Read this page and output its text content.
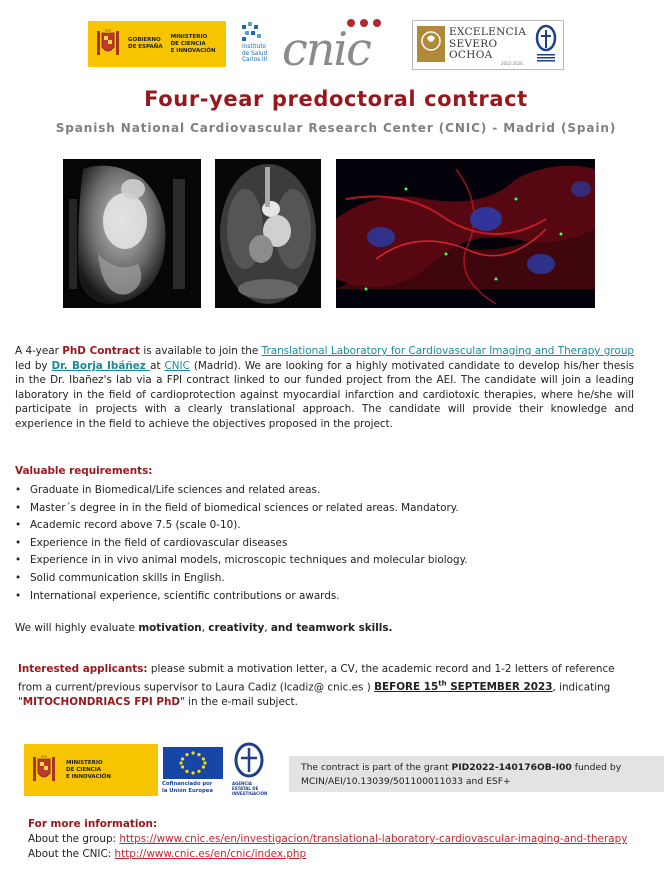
GOBIERNO
DE ESPAÑA
MINISTERIO
DE CIENCIA
E INNOVACIÓN
Instituto
de Salud
Carlos III cnic	EXCELENCIA
SEVERO
OCHOA
2022-2026
Four-year predoctoral contract
Spanish National Cardiovascular Research Center (CNIC) - Madrid (Spain)
A 4-year PhD Contract is available to join the Translational Laboratory for Cardiovascular Imaging and Therapy group led by Dr. Borja Ibáñez at CNIC (Madrid). We are looking for a highly motivated candidate to develop his/her thesis in the Dr. Ibañez's lab via a FPI contract linked to our funded project from the AEI. The candidate will join a leading laboratory in the field of cardioprotection against myocardial infarction and cardiotoxic therapies, where he/she will participate in projects with a clearly translational approach. The candidate will provide their knowledge and experience in the field to achieve the objectives proposed in the project.
Valuable requirements:
• Graduate in Biomedical/Life sciences and related areas.
• Master´s degree in in the field of biomedical sciences or related areas. Mandatory.
• Academic record above 7.5 (scale 0-10).
• Experience in the field of cardiovascular diseases
• Experience in in vivo animal models, microscopic techniques and molecular biology.
• Solid communication skills in English.
• International experience, scientific contributions or awards.
We will highly evaluate motivation, creativity, and teamwork skills.
Interested applicants: please submit a motivation letter, a CV, the academic record and 1-2 letters of reference from a current/previous supervisor to Laura Cadiz (lcadiz@ cnic.es ) BEFORE 15th SEPTEMBER 2023, indicating "MITOCHONDRIACS FPI PhD" in the e-mail subject.
MINISTERIO
DE CIENCIA
E INNOVACIÓN
Cofinanciado por
la Unión Europea
AGENCIA
ESTATAL DE
INVESTIGACIÓN
The contract is part of the grant PID2022-140176OB-I00 funded by MCIN/AEI/10.13039/501100011033 and ESF+
For more information:
About the group: https://www.cnic.es/en/investigacion/translational-laboratory-cardiovascular-imaging-and-therapy
About the CNIC: http://www.cnic.es/en/cnic/index.php
